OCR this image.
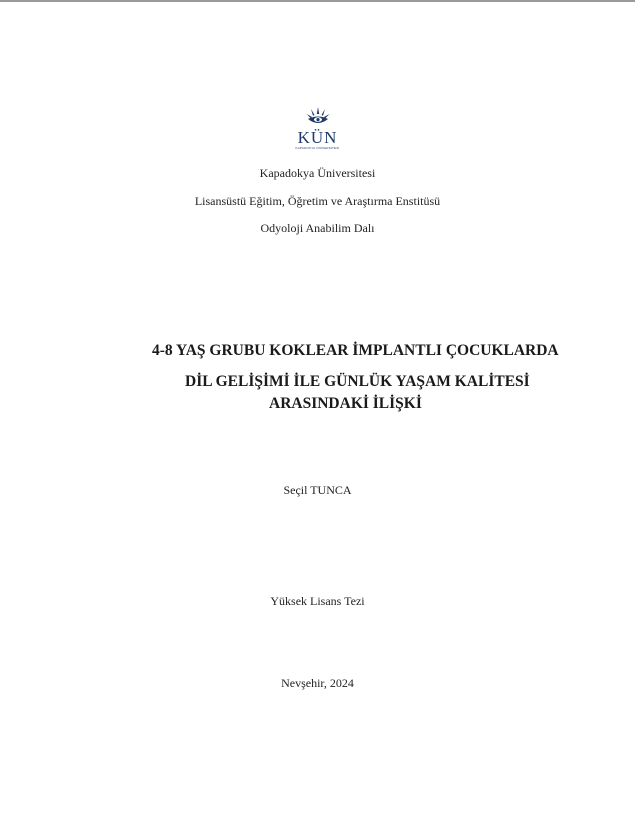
KÜN
KAPADOKYA ÜNİVERSİTESİ
Kapadokya Üniversitesi
Lisansüstü Eğitim, Öğretim ve Araştırma Enstitüsü
Odyoloji Anabilim Dalı
4-8 YAŞ GRUBU KOKLEAR İMPLANTLI ÇOCUKLARDA
DİL GELİŞİMİ İLE GÜNLÜK YAŞAM KALİTESİ
ARASINDAKİ İLİŞKİ
Seçil TUNCA
Yüksek Lisans Tezi
Nevşehir, 2024
